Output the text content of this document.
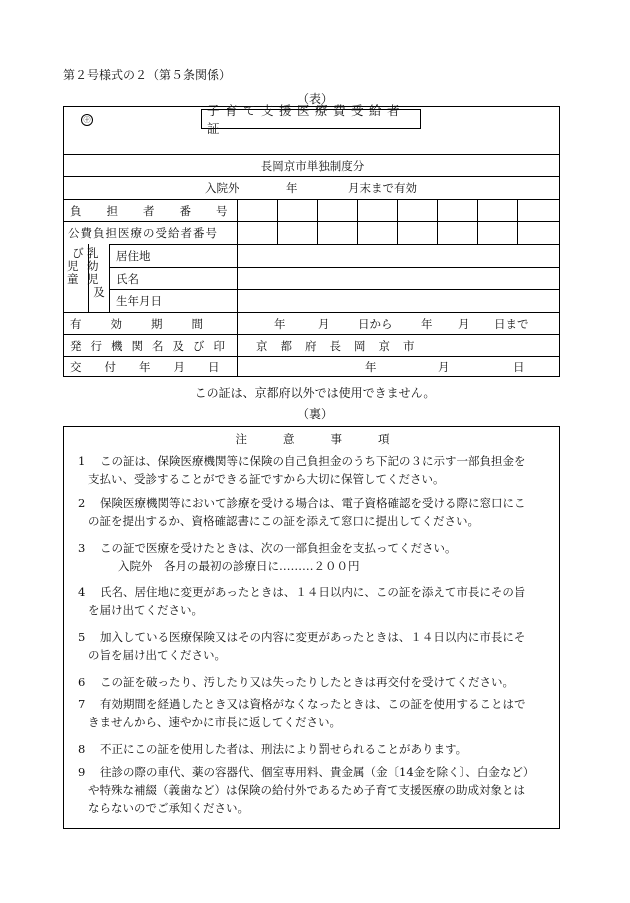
第２号様式の２（第５条関係）
（表）
㊉
子育て支援医療費受給者証
長岡京市単独制度分
入院外	年	月末まで有効
負担者番号
公費負担医療の受給者番号
乳幼児
及
び
児童
居住地
氏名
生年月日
有効期間	年	月 日から 年 月 日まで
発行機関名及び印 京都府長岡京市
交付年月日	年	月	日
この証は、京都府以外では使用できません。
（裏）
注意事項
1 この証は、保険医療機関等に保険の自己負担金のうち下記の３に示す一部負担金を
支払い、受診することができる証ですから大切に保管してください。
2 保険医療機関等において診療を受ける場合は、電子資格確認を受ける際に窓口にこ
の証を提出するか、資格確認書にこの証を添えて窓口に提出してください。
3 この証で医療を受けたときは、次の一部負担金を支払ってください。
入院外　各月の最初の診療日に………２００円
4 氏名、居住地に変更があったときは、１４日以内に、この証を添えて市長にその旨
を届け出てください。
5 加入している医療保険又はその内容に変更があったときは、１４日以内に市長にそ
の旨を届け出てください。
6 この証を破ったり、汚したり又は失ったりしたときは再交付を受けてください。
7 有効期間を経過したとき又は資格がなくなったときは、この証を使用することはで
きませんから、速やかに市長に返してください。
8 不正にこの証を使用した者は、刑法により罰せられることがあります。
9 往診の際の車代、薬の容器代、個室専用料、貴金属（金〔14金を除く〕、白金など）
や特殊な補綴（義歯など）は保険の給付外であるため子育て支援医療の助成対象とは
ならないのでご承知ください。
